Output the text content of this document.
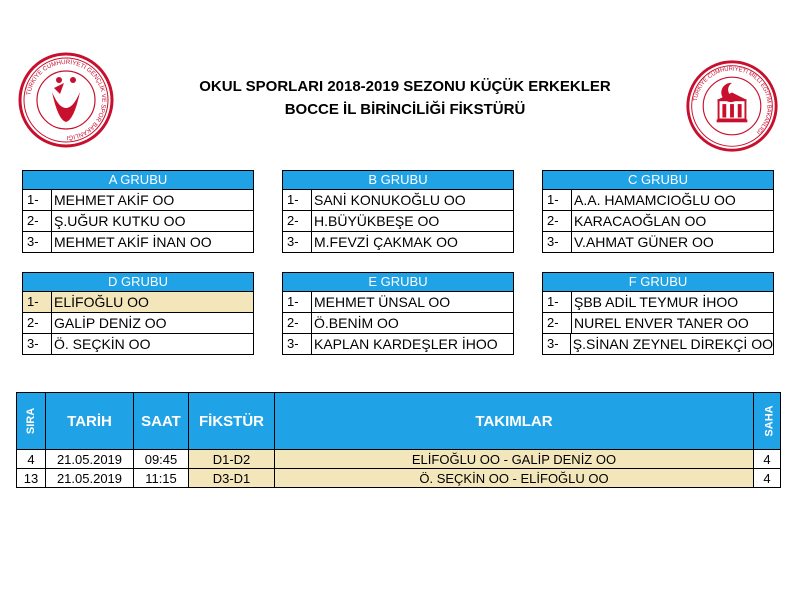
TÜRKİYE CUMHURİYETİ GENÇLİK VE SPOR BAKANLIĞI
TÜRKİYE CUMHURİYETİ MİLLİ EĞİTİM BAKANLIĞI
OKUL SPORLARI 2018-2019 SEZONU KÜÇÜK ERKEKLER
BOCCE İL BİRİNCİLİĞİ FİKSTÜRÜ
A GRUBU
1-	MEHMET AKİF OO
2-	Ş.UĞUR KUTKU OO
3-	MEHMET AKİF İNAN OO
B GRUBU
1-	SANİ KONUKOĞLU OO
2-	H.BÜYÜKBEŞE OO
3-	M.FEVZİ ÇAKMAK OO
C GRUBU
1-	A.A. HAMAMCIOĞLU OO
2-	KARACAOĞLAN OO
3-	V.AHMAT GÜNER OO
D GRUBU
1-	ELİFOĞLU OO
2-	GALİP DENİZ OO
3-	Ö. SEÇKİN OO
E GRUBU
1-	MEHMET ÜNSAL OO
2-	Ö.BENİM OO
3-	KAPLAN KARDEŞLER İHOO
F GRUBU
1-	ŞBB ADİL TEYMUR İHOO
2-	NUREL ENVER TANER OO
3-	Ş.SİNAN ZEYNEL DİREKÇİ OO
SIRA	TARİH	SAAT	FİKSTÜR	TAKIMLAR	SAHA
4	21.05.2019	09:45	D1-D2	ELİFOĞLU OO - GALİP DENİZ OO	4
13	21.05.2019	11:15	D3-D1	Ö. SEÇKİN OO - ELİFOĞLU OO	4
